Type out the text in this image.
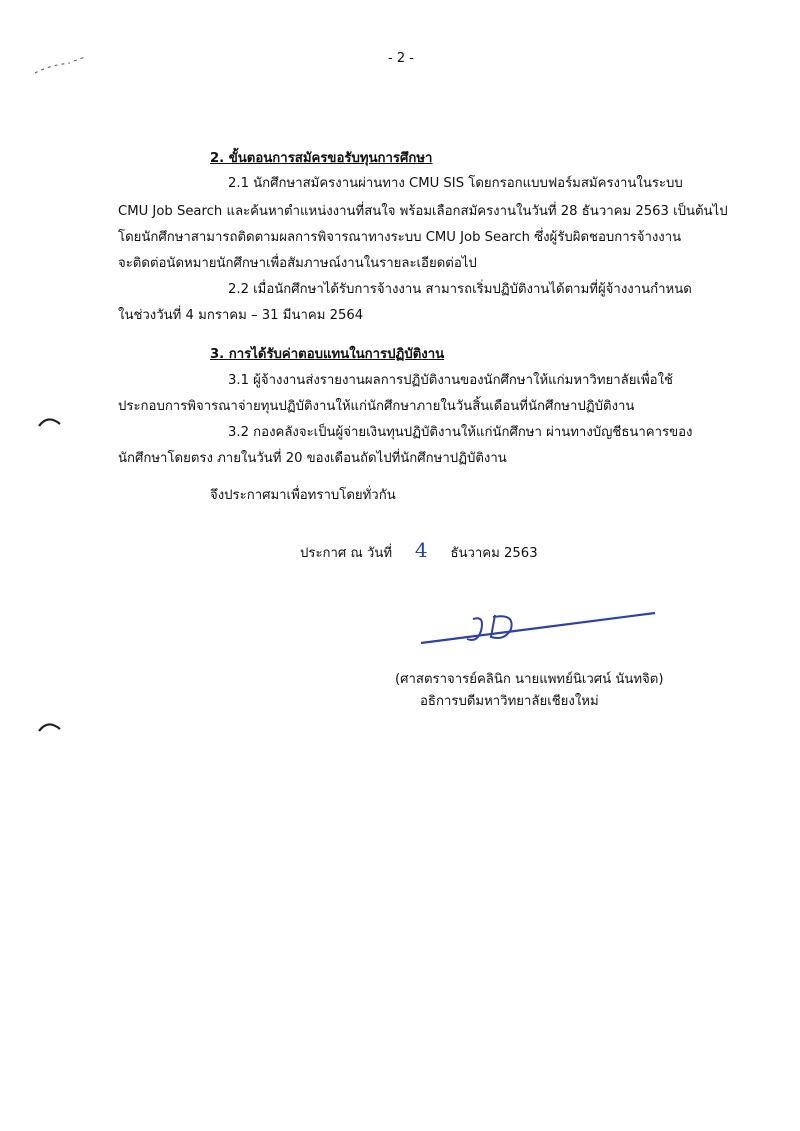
- 2 -
2. ขั้นตอนการสมัครขอรับทุนการศึกษา
2.1 นักศึกษาสมัครงานผ่านทาง CMU SIS โดยกรอกแบบฟอร์มสมัครงานในระบบ
CMU Job Search และค้นหาตำแหน่งงานที่สนใจ พร้อมเลือกสมัครงานในวันที่ 28 ธันวาคม 2563 เป็นต้นไป
โดยนักศึกษาสามารถติดตามผลการพิจารณาทางระบบ CMU Job Search ซึ่งผู้รับผิดชอบการจ้างงาน
จะติดต่อนัดหมายนักศึกษาเพื่อสัมภาษณ์งานในรายละเอียดต่อไป
2.2 เมื่อนักศึกษาได้รับการจ้างงาน สามารถเริ่มปฏิบัติงานได้ตามที่ผู้จ้างงานกำหนด
ในช่วงวันที่ 4 มกราคม – 31 มีนาคม 2564
3. การได้รับค่าตอบแทนในการปฏิบัติงาน
3.1 ผู้จ้างงานส่งรายงานผลการปฏิบัติงานของนักศึกษาให้แก่มหาวิทยาลัยเพื่อใช้
ประกอบการพิจารณาจ่ายทุนปฏิบัติงานให้แก่นักศึกษาภายในวันสิ้นเดือนที่นักศึกษาปฏิบัติงาน
3.2 กองคลังจะเป็นผู้จ่ายเงินทุนปฏิบัติงานให้แก่นักศึกษา ผ่านทางบัญชีธนาคารของ
นักศึกษาโดยตรง ภายในวันที่ 20 ของเดือนถัดไปที่นักศึกษาปฏิบัติงาน
จึงประกาศมาเพื่อทราบโดยทั่วกัน
ประกาศ ณ วันที่ 4 ธันวาคม 2563
(ศาสตราจารย์คลินิก นายแพทย์นิเวศน์ นันทจิต)
อธิการบดีมหาวิทยาลัยเชียงใหม่
